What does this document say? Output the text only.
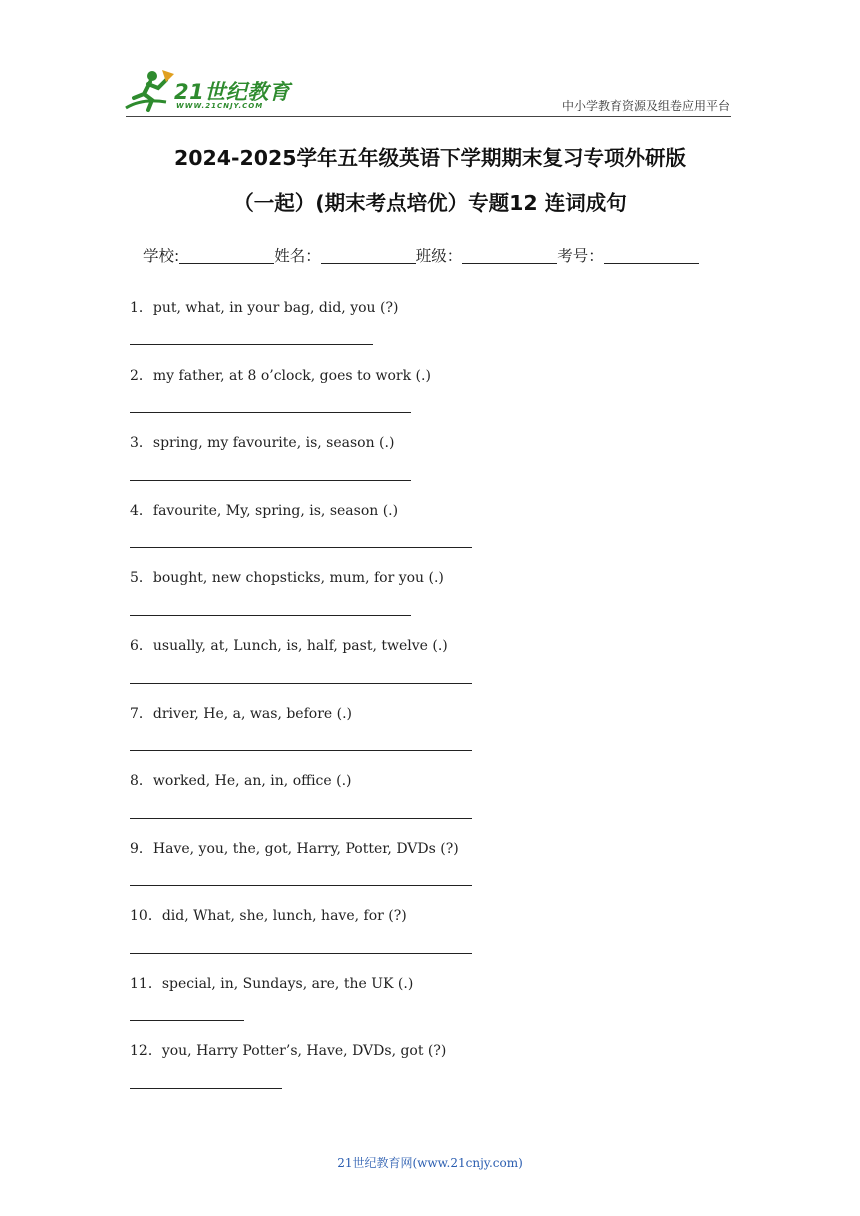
21世纪教育
WWW.21CNJY.COM	中小学教育资源及组卷应用平台
2024-2025学年五年级英语下学期期末复习专项外研版
（一起）(期末考点培优）专题12 连词成句
学校:	姓名：	班级：	考号：
1．put, what, in your bag, did, you (?)
2．my father, at 8 o’clock, goes to work (.)
3．spring, my favourite, is, season (.)
4．favourite, My, spring, is, season (.)
5．bought, new chopsticks, mum, for you (.)
6．usually, at, Lunch, is, half, past, twelve (.)
7．driver, He, a, was, before (.)
8．worked, He, an, in, office (.)
9．Have, you, the, got, Harry, Potter, DVDs (?)
10．did, What, she, lunch, have, for (?)
11．special, in, Sundays, are, the UK (.)
12．you, Harry Potter’s, Have, DVDs, got (?)
21世纪教育网(www.21cnjy.com)
